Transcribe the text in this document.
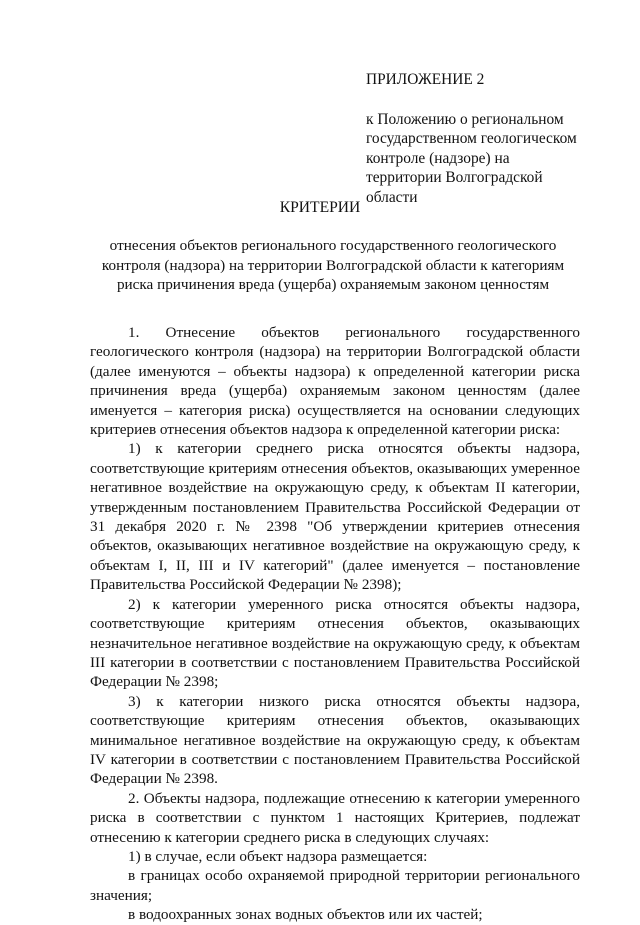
ПРИЛОЖЕНИЕ 2

к Положению о региональном государственном геологическом контроле (надзоре) на территории Волгоградской области

КРИТЕРИИ
отнесения объектов регионального государственного геологического контроля (надзора) на территории Волгоградской области к категориям риска причинения вреда (ущерба) охраняемым законом ценностям

1. Отнесение объектов регионального государственного геологического контроля (надзора) на территории Волгоградской области (далее именуются – объекты надзора) к определенной категории риска причинения вреда (ущерба) охраняемым законом ценностям (далее именуется – категория риска) осуществляется на основании следующих критериев отнесения объектов надзора к определенной категории риска:

1) к категории среднего риска относятся объекты надзора, соответствующие критериям отнесения объектов, оказывающих умеренное негативное воздействие на окружающую среду, к объектам II категории, утвержденным постановлением Правительства Российской Федерации от 31 декабря 2020 г. № 2398 "Об утверждении критериев отнесения объектов, оказывающих негативное воздействие на окружающую среду, к объектам I, II, III и IV категорий" (далее именуется – постановление Правительства Российской Федерации № 2398);

2) к категории умеренного риска относятся объекты надзора, соответствующие критериям отнесения объектов, оказывающих незначительное негативное воздействие на окружающую среду, к объектам III категории в соответствии с постановлением Правительства Российской Федерации № 2398;

3) к категории низкого риска относятся объекты надзора, соответствующие критериям отнесения объектов, оказывающих минимальное негативное воздействие на окружающую среду, к объектам IV категории в соответствии с постановлением Правительства Российской Федерации № 2398.

2. Объекты надзора, подлежащие отнесению к категории умеренного риска в соответствии с пунктом 1 настоящих Критериев, подлежат отнесению к категории среднего риска в следующих случаях:

1) в случае, если объект надзора размещается:

в границах особо охраняемой природной территории регионального значения;

в водоохранных зонах водных объектов или их частей;
